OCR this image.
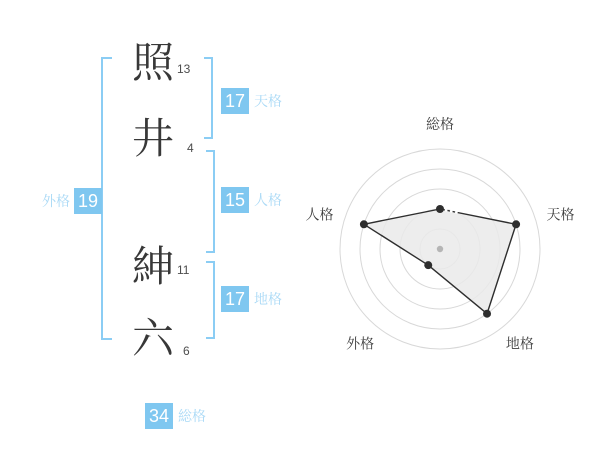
照
井
紳
六
13
4
11
6
17 天格
15 人格
17 地格
外格 19
34 総格
総格
天格
地格
外格
人格
